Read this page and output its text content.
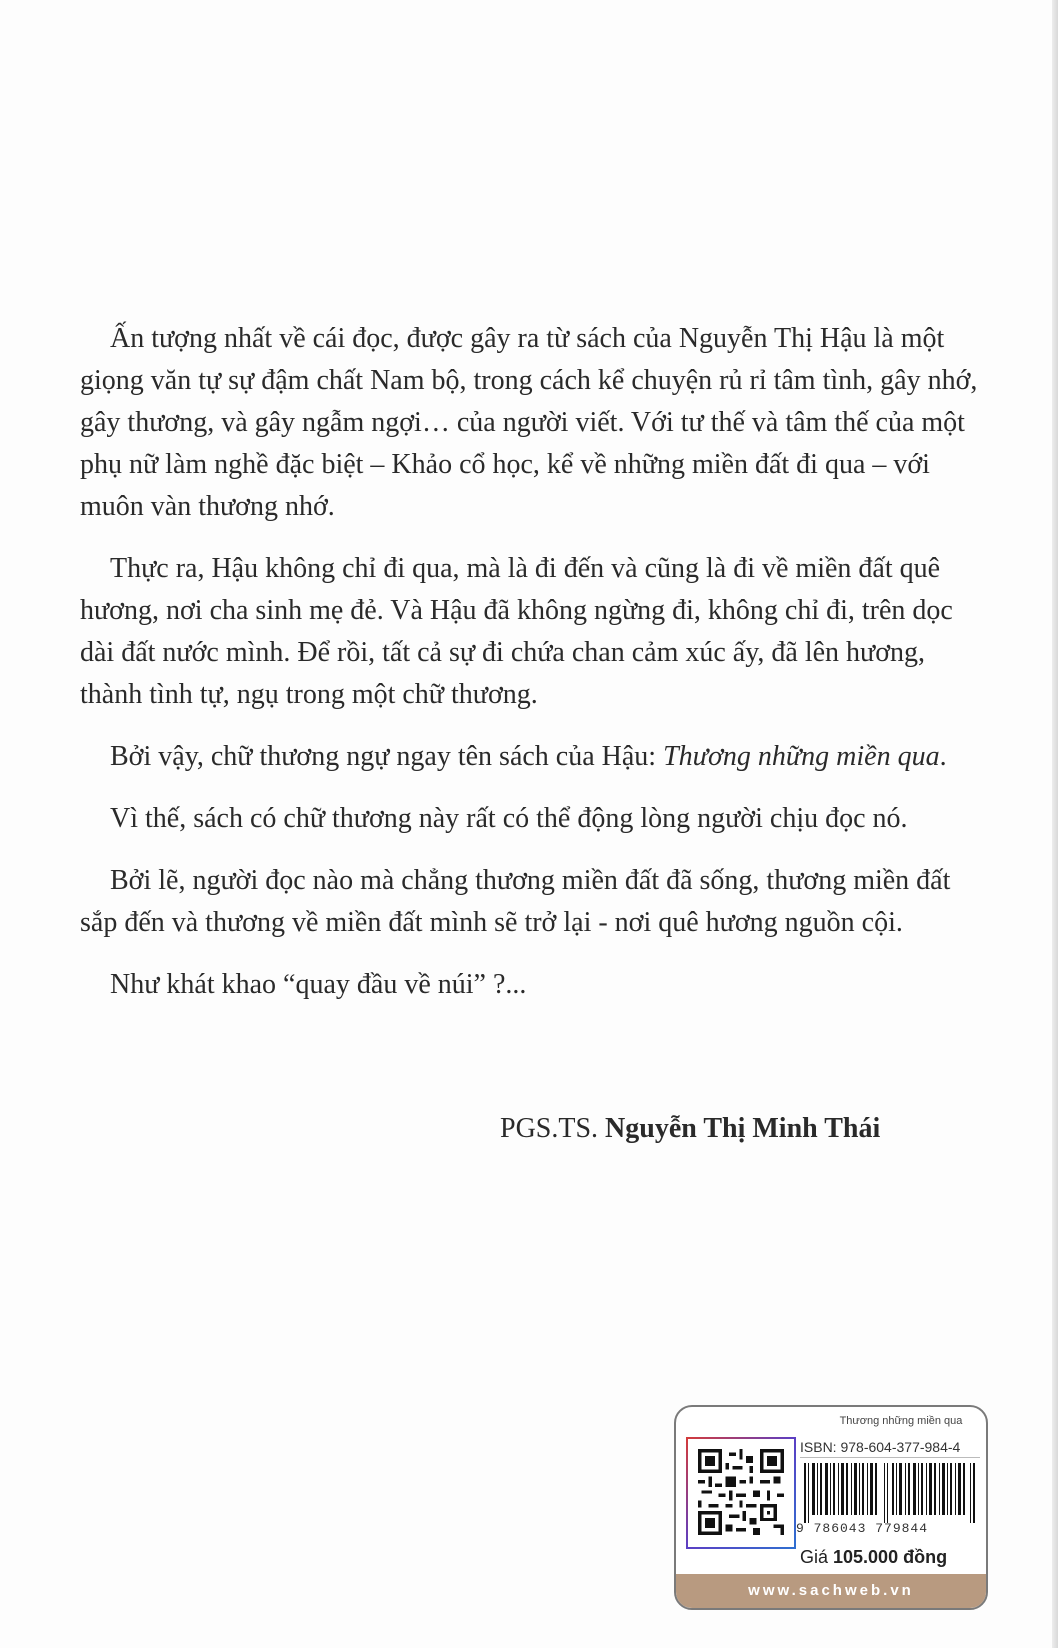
Ấn tượng nhất về cái đọc, được gây ra từ sách của Nguyễn Thị Hậu là một giọng văn tự sự đậm chất Nam bộ, trong cách kể chuyện rủ rỉ tâm tình, gây nhớ, gây thương, và gây ngẫm ngợi… của người viết. Với tư thế và tâm thế của một phụ nữ làm nghề đặc biệt – Khảo cổ học, kể về những miền đất đi qua – với muôn vàn thương nhớ.

Thực ra, Hậu không chỉ đi qua, mà là đi đến và cũng là đi về miền đất quê hương, nơi cha sinh mẹ đẻ. Và Hậu đã không ngừng đi, không chỉ đi, trên dọc dài đất nước mình. Để rồi, tất cả sự đi chứa chan cảm xúc ấy, đã lên hương, thành tình tự, ngụ trong một chữ thương.

Bởi vậy, chữ thương ngự ngay tên sách của Hậu: Thương những miền qua.

Vì thế, sách có chữ thương này rất có thể động lòng người chịu đọc nó.

Bởi lẽ, người đọc nào mà chẳng thương miền đất đã sống, thương miền đất sắp đến và thương về miền đất mình sẽ trở lại - nơi quê hương nguồn cội.

Như khát khao “quay đầu về núi” ?...

PGS.TS. Nguyễn Thị Minh Thái
Thương những miền qua
ISBN: 978-604-377-984-4
9 786043 779844
Giá 105.000 đồng
www.sachweb.vn
